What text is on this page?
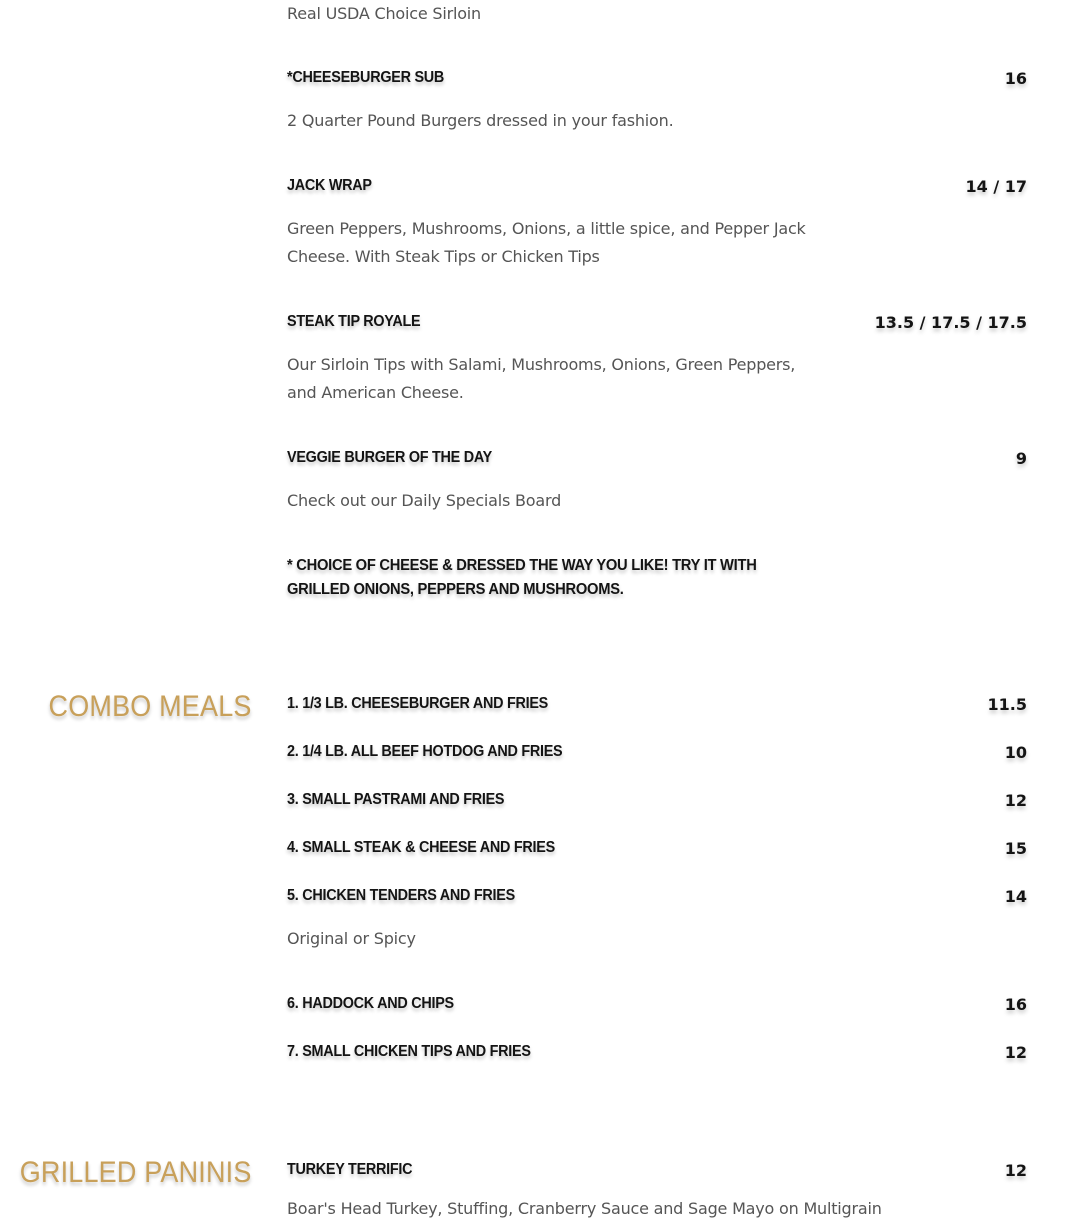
Real USDA Choice Sirloin
*CHEESEBURGER SUB	16
2 Quarter Pound Burgers dressed in your fashion.
JACK WRAP	14 / 17
Green Peppers, Mushrooms, Onions, a little spice, and Pepper Jack Cheese. With Steak Tips or Chicken Tips
STEAK TIP ROYALE	13.5 / 17.5 / 17.5
Our Sirloin Tips with Salami, Mushrooms, Onions, Green Peppers, and American Cheese.
VEGGIE BURGER OF THE DAY	9
Check out our Daily Specials Board
* CHOICE OF CHEESE & DRESSED THE WAY YOU LIKE! TRY IT WITH GRILLED ONIONS, PEPPERS AND MUSHROOMS.
COMBO MEALS 1. 1/3 LB. CHEESEBURGER AND FRIES	11.5
2. 1/4 LB. ALL BEEF HOTDOG AND FRIES	10
3. SMALL PASTRAMI AND FRIES	12
4. SMALL STEAK & CHEESE AND FRIES	15
5. CHICKEN TENDERS AND FRIES	14
Original or Spicy
6. HADDOCK AND CHIPS	16
7. SMALL CHICKEN TIPS AND FRIES	12
GRILLED PANINIS TURKEY TERRIFIC	12
Boar's Head Turkey, Stuffing, Cranberry Sauce and Sage Mayo on Multigrain
